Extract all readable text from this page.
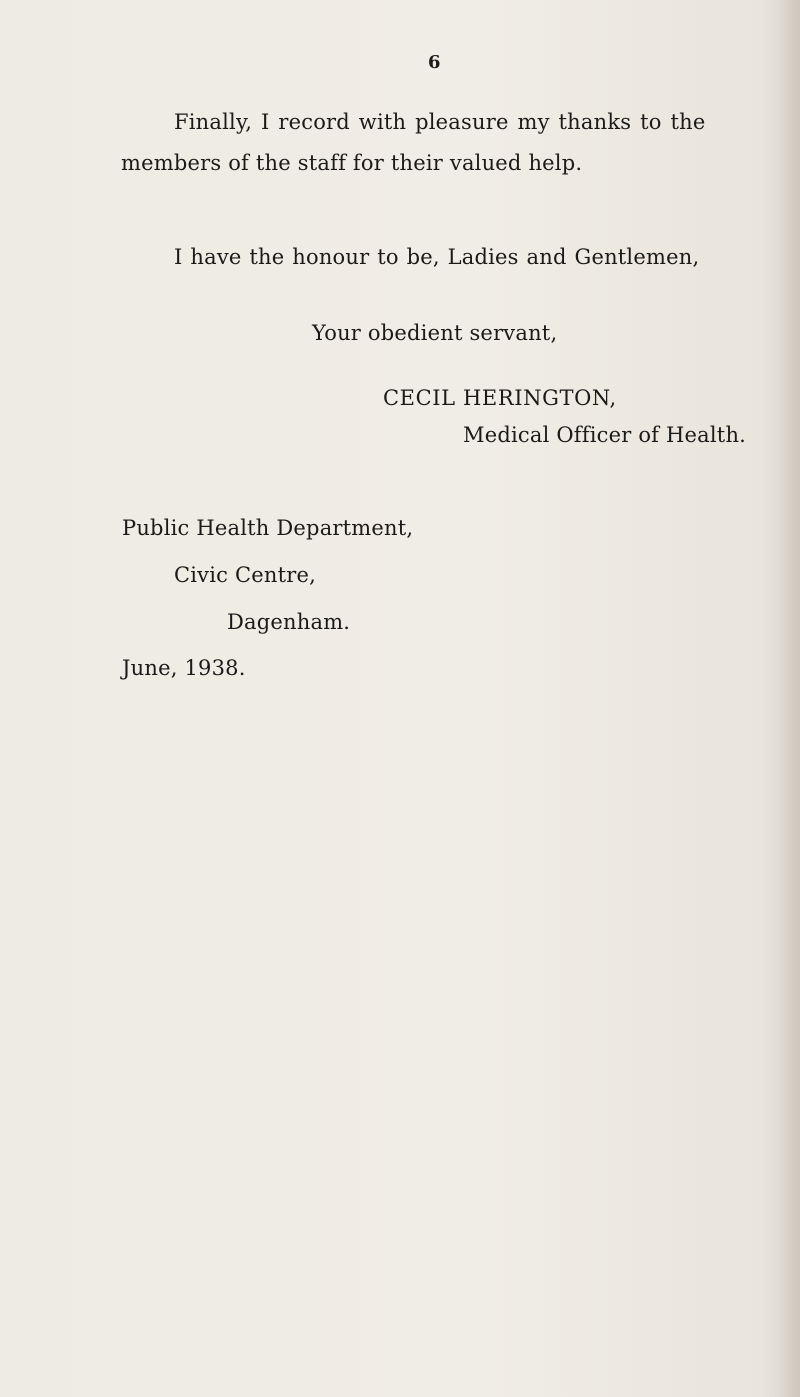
6
Finally, I record with pleasure my thanks to the
members of the staff for their valued help.
I have the honour to be, Ladies and Gentlemen,
Your obedient servant,
CECIL HERINGTON,
Medical Officer of Health.
Public Health Department,
Civic Centre,
Dagenham.
June, 1938.
